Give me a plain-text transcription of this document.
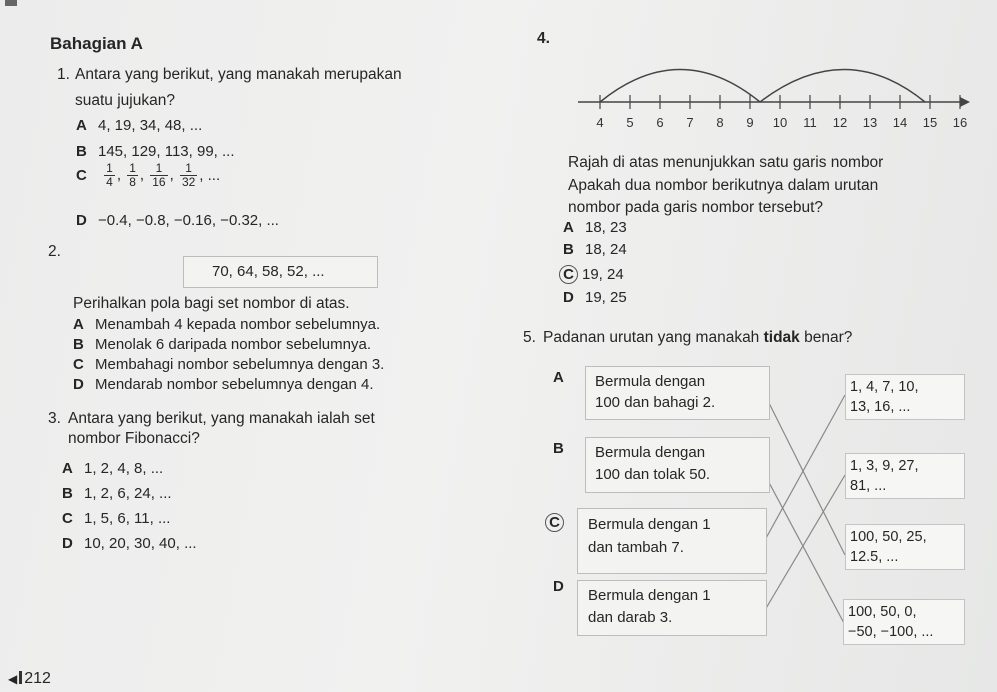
Bahagian A
1. Antara yang berikut, yang manakah merupakan
suatu jujukan?
A 4, 19, 34, 48, ...
B 145, 129, 113, 99, ...
C $\frac{1}{4}$ , $\frac{1}{8}$ , $\frac{1}{16}$ , $\frac{1}{32}$ , ...
D −0.4, −0.8, −0.16, −0.32, ...
2.
70, 64, 58, 52, ...
Perihalkan pola bagi set nombor di atas.
A Menambah 4 kepada nombor sebelumnya.
B Menolak 6 daripada nombor sebelumnya.
C Membahagi nombor sebelumnya dengan 3.
D Mendarab nombor sebelumnya dengan 4.
3. Antara yang berikut, yang manakah ialah set
nombor Fibonacci?
A 1, 2, 4, 8, ...
B 1, 2, 6, 24, ...
C 1, 5, 6, 11, ...
D 10, 20, 30, 40, ...
4.
4 5 6 7 8 9 10 11 12 13 14 15 16
Rajah di atas menunjukkan satu garis nombor
Apakah dua nombor berikutnya dalam urutan
nombor pada garis nombor tersebut?
A 18, 23
B 18, 24
C 19, 24
D 19, 25
5. Padanan urutan yang manakah tidak benar?
A Bermula dengan
100 dan bahagi 2.
B Bermula dengan
100 dan tolak 50.
C	Bermula dengan 1
dan tambah 7.
D
Bermula dengan 1
dan darab 3.
1, 4, 7, 10,
13, 16, ...
1, 3, 9, 27,
81, ...
100, 50, 25,
12.5, ...
100, 50, 0,
−50, −100, ...
◀ 212
